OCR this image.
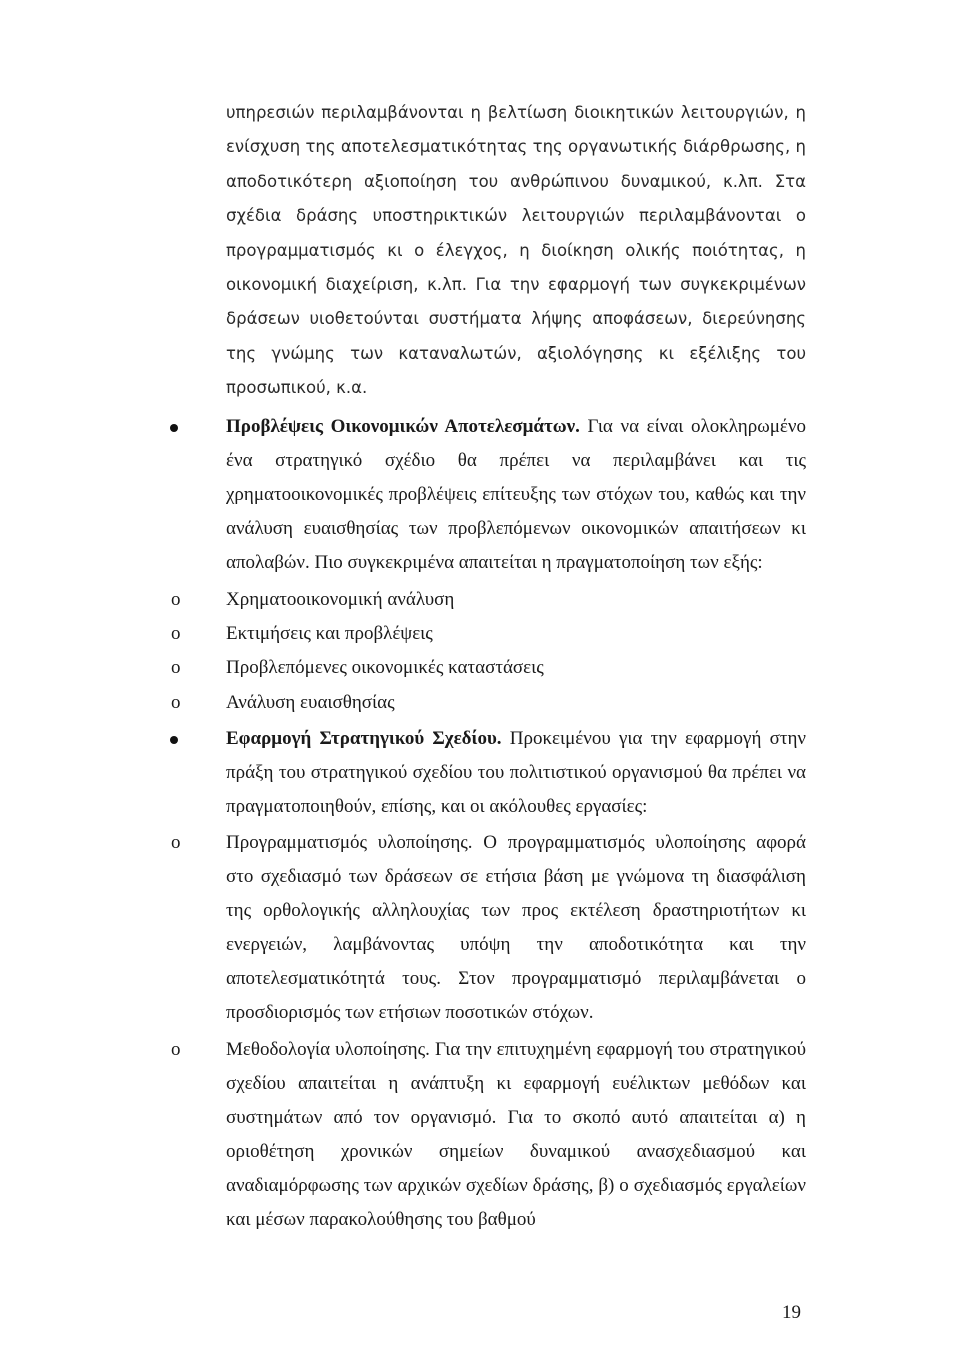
υπηρεσιών περιλαμβάνονται η βελτίωση διοικητικών λειτουργιών, η ενίσχυση της αποτελεσματικότητας της οργανωτικής διάρθρωσης, η αποδοτικότερη αξιοποίηση του ανθρώπινου δυναμικού, κ.λπ. Στα σχέδια δράσης υποστηρικτικών λειτουργιών περιλαμβάνονται ο προγραμματισμός κι ο έλεγχος, η διοίκηση ολικής ποιότητας, η οικονομική διαχείριση, κ.λπ. Για την εφαρμογή των συγκεκριμένων δράσεων υιοθετούνται συστήματα λήψης αποφάσεων, διερεύνησης της γνώμης των καταναλωτών, αξιολόγησης κι εξέλιξης του προσωπικού, κ.α.

Προβλέψεις Οικονομικών Αποτελεσμάτων. Για να είναι ολοκληρωμένο ένα στρατηγικό σχέδιο θα πρέπει να περιλαμβάνει και τις χρηματοοικονομικές προβλέψεις επίτευξης των στόχων του, καθώς και την ανάλυση ευαισθησίας των προβλεπόμενων οικονομικών απαιτήσεων κι απολαβών. Πιο συγκεκριμένα απαιτείται η πραγματοποίηση των εξής:
o Χρηματοοικονομική ανάλυση
o Εκτιμήσεις και προβλέψεις
o Προβλεπόμενες οικονομικές καταστάσεις
o Ανάλυση ευαισθησίας
Εφαρμογή Στρατηγικού Σχεδίου. Προκειμένου για την εφαρμογή στην πράξη του στρατηγικού σχεδίου του πολιτιστικού οργανισμού θα πρέπει να πραγματοποιηθούν, επίσης, και οι ακόλουθες εργασίες:
o Προγραμματισμός υλοποίησης. Ο προγραμματισμός υλοποίησης αφορά στο σχεδιασμό των δράσεων σε ετήσια βάση με γνώμονα τη διασφάλιση της ορθολογικής αλληλουχίας των προς εκτέλεση δραστηριοτήτων κι ενεργειών, λαμβάνοντας υπόψη την αποδοτικότητα και την αποτελεσματικότητά τους. Στον προγραμματισμό περιλαμβάνεται ο προσδιορισμός των ετήσιων ποσοτικών στόχων.
o Μεθοδολογία υλοποίησης. Για την επιτυχημένη εφαρμογή του στρατηγικού σχεδίου απαιτείται η ανάπτυξη κι εφαρμογή ευέλικτων μεθόδων και συστημάτων από τον οργανισμό. Για το σκοπό αυτό απαιτείται α) η οριοθέτηση χρονικών σημείων δυναμικού ανασχεδιασμού και αναδιαμόρφωσης των αρχικών σχεδίων δράσης, β) ο σχεδιασμός εργαλείων και μέσων παρακολούθησης του βαθμού
19
